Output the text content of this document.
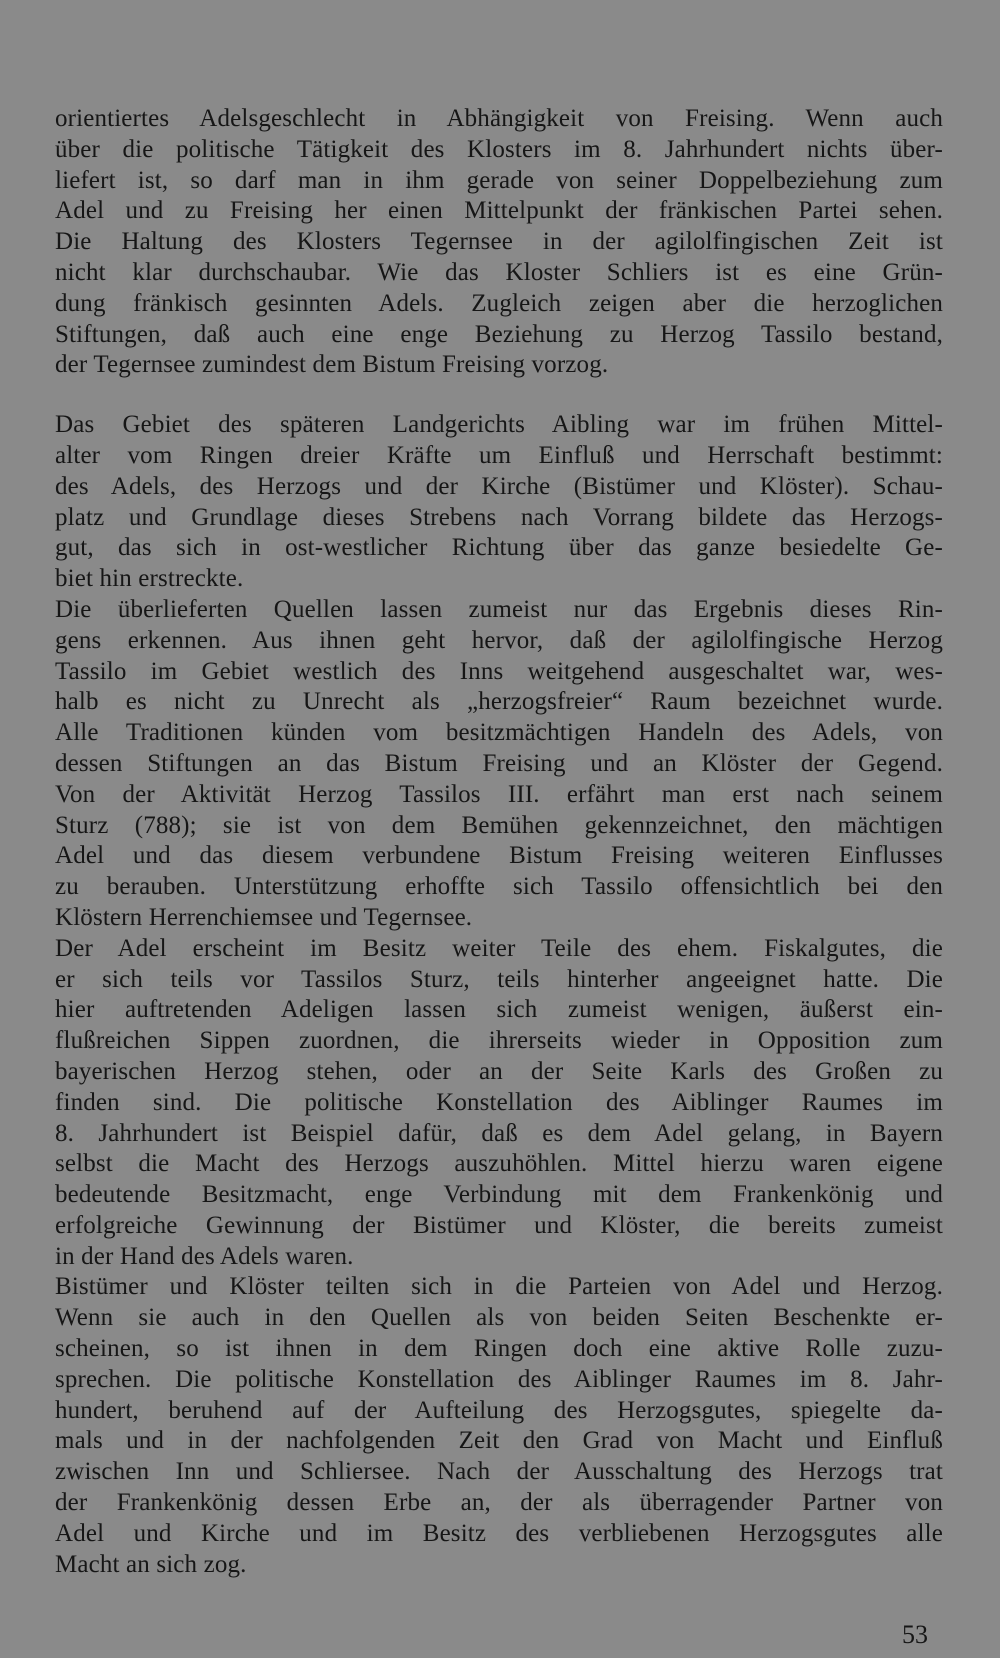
orientiertes Adelsgeschlecht in Abhängigkeit von Freising. Wenn auch
über die politische Tätigkeit des Klosters im 8. Jahrhundert nichts über-
liefert ist, so darf man in ihm gerade von seiner Doppelbeziehung zum
Adel und zu Freising her einen Mittelpunkt der fränkischen Partei sehen.
Die Haltung des Klosters Tegernsee in der agilolfingischen Zeit ist
nicht klar durchschaubar. Wie das Kloster Schliers ist es eine Grün-
dung fränkisch gesinnten Adels. Zugleich zeigen aber die herzoglichen
Stiftungen, daß auch eine enge Beziehung zu Herzog Tassilo bestand,
der Tegernsee zumindest dem Bistum Freising vorzog.
Das Gebiet des späteren Landgerichts Aibling war im frühen Mittel-
alter vom Ringen dreier Kräfte um Einfluß und Herrschaft bestimmt:
des Adels, des Herzogs und der Kirche (Bistümer und Klöster). Schau-
platz und Grundlage dieses Strebens nach Vorrang bildete das Herzogs-
gut, das sich in ost-westlicher Richtung über das ganze besiedelte Ge-
biet hin erstreckte.
Die überlieferten Quellen lassen zumeist nur das Ergebnis dieses Rin-
gens erkennen. Aus ihnen geht hervor, daß der agilolfingische Herzog
Tassilo im Gebiet westlich des Inns weitgehend ausgeschaltet war, wes-
halb es nicht zu Unrecht als „herzogsfreier“ Raum bezeichnet wurde.
Alle Traditionen künden vom besitzmächtigen Handeln des Adels, von
dessen Stiftungen an das Bistum Freising und an Klöster der Gegend.
Von der Aktivität Herzog Tassilos III. erfährt man erst nach seinem
Sturz (788); sie ist von dem Bemühen gekennzeichnet, den mächtigen
Adel und das diesem verbundene Bistum Freising weiteren Einflusses
zu berauben. Unterstützung erhoffte sich Tassilo offensichtlich bei den
Klöstern Herrenchiemsee und Tegernsee.
Der Adel erscheint im Besitz weiter Teile des ehem. Fiskalgutes, die
er sich teils vor Tassilos Sturz, teils hinterher angeeignet hatte. Die
hier auftretenden Adeligen lassen sich zumeist wenigen, äußerst ein-
flußreichen Sippen zuordnen, die ihrerseits wieder in Opposition zum
bayerischen Herzog stehen, oder an der Seite Karls des Großen zu
finden sind. Die politische Konstellation des Aiblinger Raumes im
8. Jahrhundert ist Beispiel dafür, daß es dem Adel gelang, in Bayern
selbst die Macht des Herzogs auszuhöhlen. Mittel hierzu waren eigene
bedeutende Besitzmacht, enge Verbindung mit dem Frankenkönig und
erfolgreiche Gewinnung der Bistümer und Klöster, die bereits zumeist
in der Hand des Adels waren.
Bistümer und Klöster teilten sich in die Parteien von Adel und Herzog.
Wenn sie auch in den Quellen als von beiden Seiten Beschenkte er-
scheinen, so ist ihnen in dem Ringen doch eine aktive Rolle zuzu-
sprechen. Die politische Konstellation des Aiblinger Raumes im 8. Jahr-
hundert, beruhend auf der Aufteilung des Herzogsgutes, spiegelte da-
mals und in der nachfolgenden Zeit den Grad von Macht und Einfluß
zwischen Inn und Schliersee. Nach der Ausschaltung des Herzogs trat
der Frankenkönig dessen Erbe an, der als überragender Partner von
Adel und Kirche und im Besitz des verbliebenen Herzogsgutes alle
Macht an sich zog.
53
